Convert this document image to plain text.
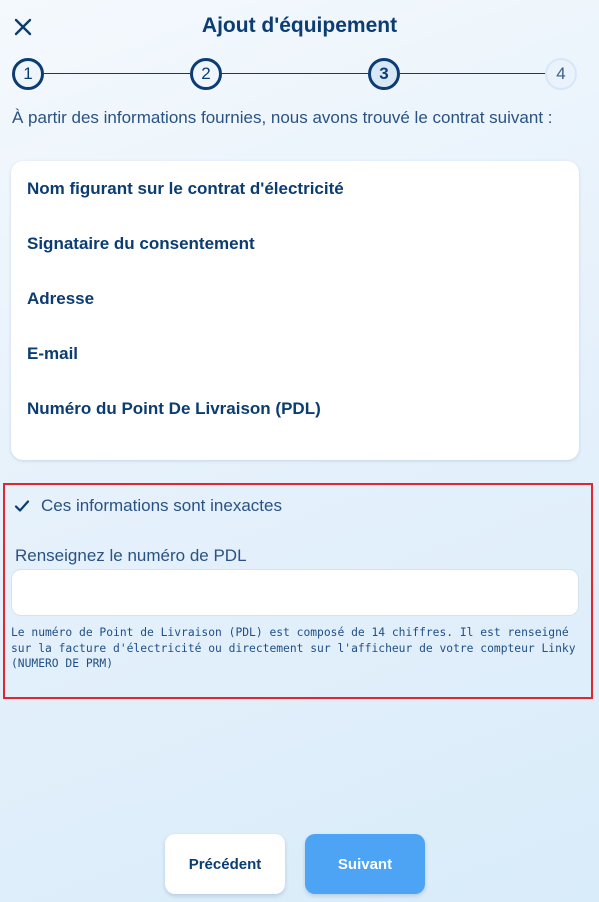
Ajout d'équipement
1	2	3	4
À partir des informations fournies, nous avons trouvé le contrat suivant :
Nom figurant sur le contrat d'électricité
Signataire du consentement
Adresse
E-mail
Numéro du Point De Livraison (PDL)
Ces informations sont inexactes
Renseignez le numéro de PDL
Le numéro de Point de Livraison (PDL) est composé de 14 chiffres. Il est renseigné sur la facture d'électricité ou directement sur l'afficheur de votre compteur Linky (NUMERO DE PRM)
Précédent	Suivant
